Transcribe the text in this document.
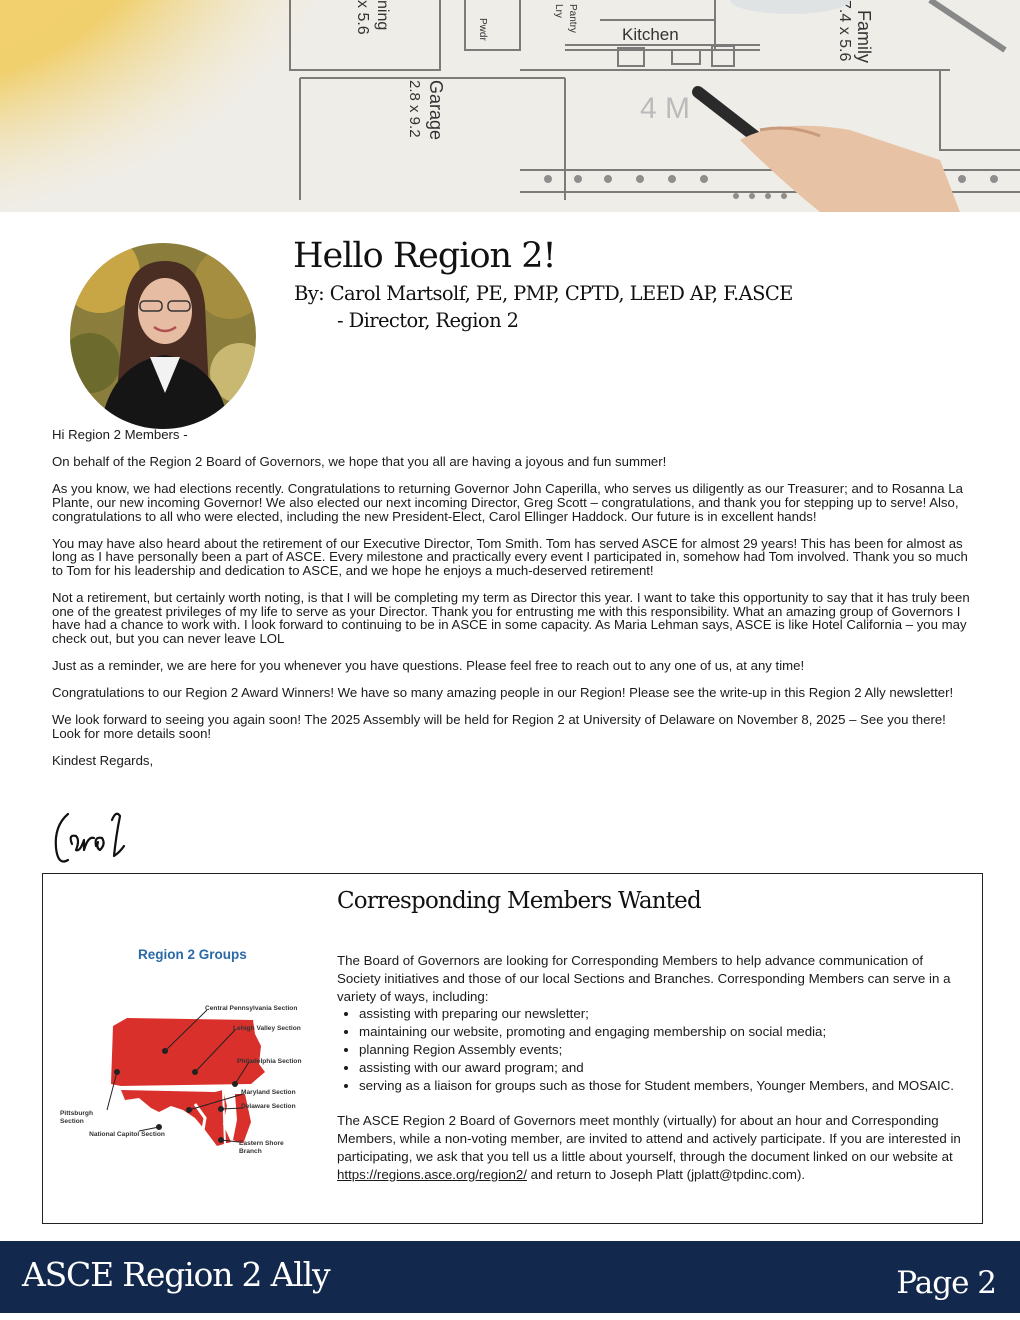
Kitchen
Garage
2.8 x 9.2
Family
7.4 x 5.6
ning
x 5.6	Pantry
Lry
Pwdr
4 M
Hello Region 2!

By: Carol Martsolf, PE, PMP, CPTD, LEED AP, F.ASCE

- Director, Region 2

Hi Region 2 Members -

On behalf of the Region 2 Board of Governors, we hope that you all are having a joyous and fun summer!

As you know, we had elections recently. Congratulations to returning Governor John Caperilla, who serves us diligently as our Treasurer; and to Rosanna La Plante, our new incoming Governor! We also elected our next incoming Director, Greg Scott – congratulations, and thank you for stepping up to serve! Also, congratulations to all who were elected, including the new President-Elect, Carol Ellinger Haddock. Our future is in excellent hands!

You may have also heard about the retirement of our Executive Director, Tom Smith. Tom has served ASCE for almost 29 years! This has been for almost as long as I have personally been a part of ASCE. Every milestone and practically every event I participated in, somehow had Tom involved. Thank you so much to Tom for his leadership and dedication to ASCE, and we hope he enjoys a much-deserved retirement!

Not a retirement, but certainly worth noting, is that I will be completing my term as Director this year. I want to take this opportunity to say that it has truly been one of the greatest privileges of my life to serve as your Director. Thank you for entrusting me with this responsibility. What an amazing group of Governors I have had a chance to work with. I look forward to continuing to be in ASCE in some capacity. As Maria Lehman says, ASCE is like Hotel California – you may check out, but you can never leave LOL

Just as a reminder, we are here for you whenever you have questions. Please feel free to reach out to any one of us, at any time!

Congratulations to our Region 2 Award Winners! We have so many amazing people in our Region! Please see the write-up in this Region 2 Ally newsletter!

We look forward to seeing you again soon! The 2025 Assembly will be held for Region 2 at University of Delaware on November 8, 2025 – See you there! Look for more details soon!

Kindest Regards,

Region 2 Groups

Central Pennsylvania Section
Lehigh Valley Section
Philadelphia Section
Maryland Section
Delaware Section
Pittsburgh Section
National Capitol Section
Eastern Shore Branch
Corresponding Members Wanted

The Board of Governors are looking for Corresponding Members to help advance communication of Society initiatives and those of our local Sections and Branches. Corresponding Members can serve in a variety of ways, including:

• assisting with preparing our newsletter;
• maintaining our website, promoting and engaging membership on social media;
• planning Region Assembly events;
• assisting with our award program; and
• serving as a liaison for groups such as those for Student members, Younger Members, and MOSAIC.

The ASCE Region 2 Board of Governors meet monthly (virtually) for about an hour and Corresponding Members, while a non-voting member, are invited to attend and actively participate. If you are interested in participating, we ask that you tell us a little about yourself, through the document linked on our website at https://regions.asce.org/region2/ and return to Joseph Platt (jplatt@tpdinc.com).

ASCE Region 2 Ally	Page 2
